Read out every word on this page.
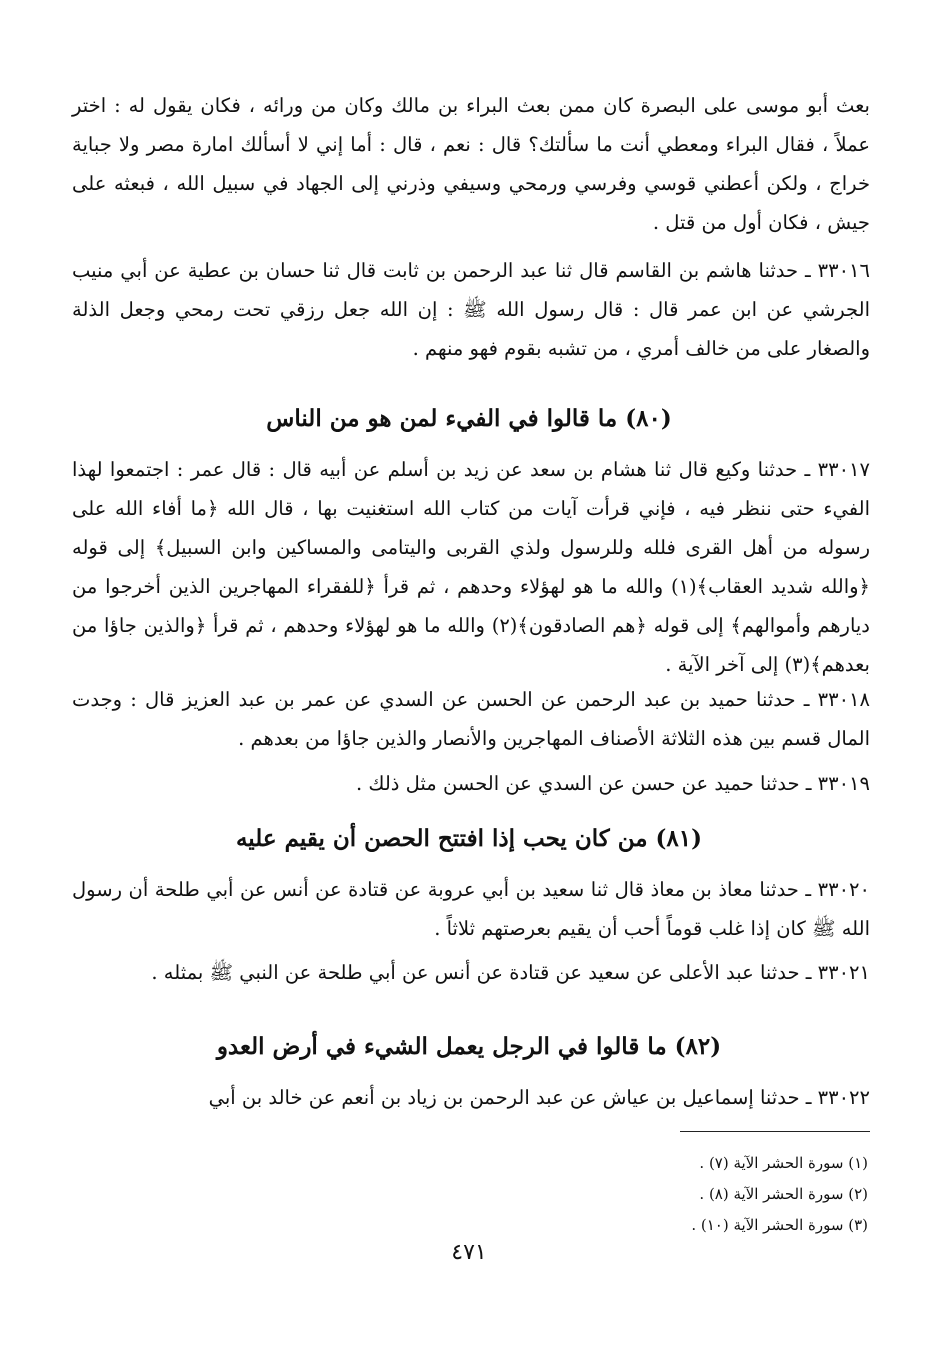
بعث أبو موسى على البصرة كان ممن بعث البراء بن مالك وكان من ورائه ، فكان يقول له : اختر عملاً ، فقال البراء ومعطي أنت ما سألتك؟ قال : نعم ، قال : أما إني لا أسألك امارة مصر ولا جباية خراج ، ولكن أعطني قوسي وفرسي ورمحي وسيفي وذرني إلى الجهاد في سبيل الله ، فبعثه على جيش ، فكان أول من قتل .
٣٣٠١٦ ـ حدثنا هاشم بن القاسم قال ثنا عبد الرحمن بن ثابت قال ثنا حسان بن عطية عن أبي منيب الجرشي عن ابن عمر قال : قال رسول الله ﷺ : إن الله جعل رزقي تحت رمحي وجعل الذلة والصغار على من خالف أمري ، من تشبه بقوم فهو منهم .
(٨٠) ما قالوا في الفيء لمن هو من الناس
٣٣٠١٧ ـ حدثنا وكيع قال ثنا هشام بن سعد عن زيد بن أسلم عن أبيه قال : قال عمر : اجتمعوا لهذا الفيء حتى ننظر فيه ، فإني قرأت آيات من كتاب الله استغنيت بها ، قال الله ﴿ما أفاء الله على رسوله من أهل القرى فلله وللرسول ولذي القربى واليتامى والمساكين وابن السبيل﴾ إلى قوله ﴿والله شديد العقاب﴾(١) والله ما هو لهؤلاء وحدهم ، ثم قرأ ﴿للفقراء المهاجرين الذين أخرجوا من ديارهم وأموالهم﴾ إلى قوله ﴿هم الصادقون﴾(٢) والله ما هو لهؤلاء وحدهم ، ثم قرأ ﴿والذين جاؤا من بعدهم﴾(٣) إلى آخر الآية .
٣٣٠١٨ ـ حدثنا حميد بن عبد الرحمن عن الحسن عن السدي عن عمر بن عبد العزيز قال : وجدت المال قسم بين هذه الثلاثة الأصناف المهاجرين والأنصار والذين جاؤا من بعدهم .
٣٣٠١٩ ـ حدثنا حميد عن حسن عن السدي عن الحسن مثل ذلك .
(٨١) من كان يحب إذا افتتح الحصن أن يقيم عليه
٣٣٠٢٠ ـ حدثنا معاذ بن معاذ قال ثنا سعيد بن أبي عروبة عن قتادة عن أنس عن أبي طلحة أن رسول الله ﷺ كان إذا غلب قوماً أحب أن يقيم بعرصتهم ثلاثاً .
٣٣٠٢١ ـ حدثنا عبد الأعلى عن سعيد عن قتادة عن أنس عن أبي طلحة عن النبي ﷺ بمثله .
(٨٢) ما قالوا في الرجل يعمل الشيء في أرض العدو
٣٣٠٢٢ ـ حدثنا إسماعيل بن عياش عن عبد الرحمن بن زياد بن أنعم عن خالد بن أبي
(١) سورة الحشر الآية (٧) .
(٢) سورة الحشر الآية (٨) .
(٣) سورة الحشر الآية (١٠) .
٤٧١
